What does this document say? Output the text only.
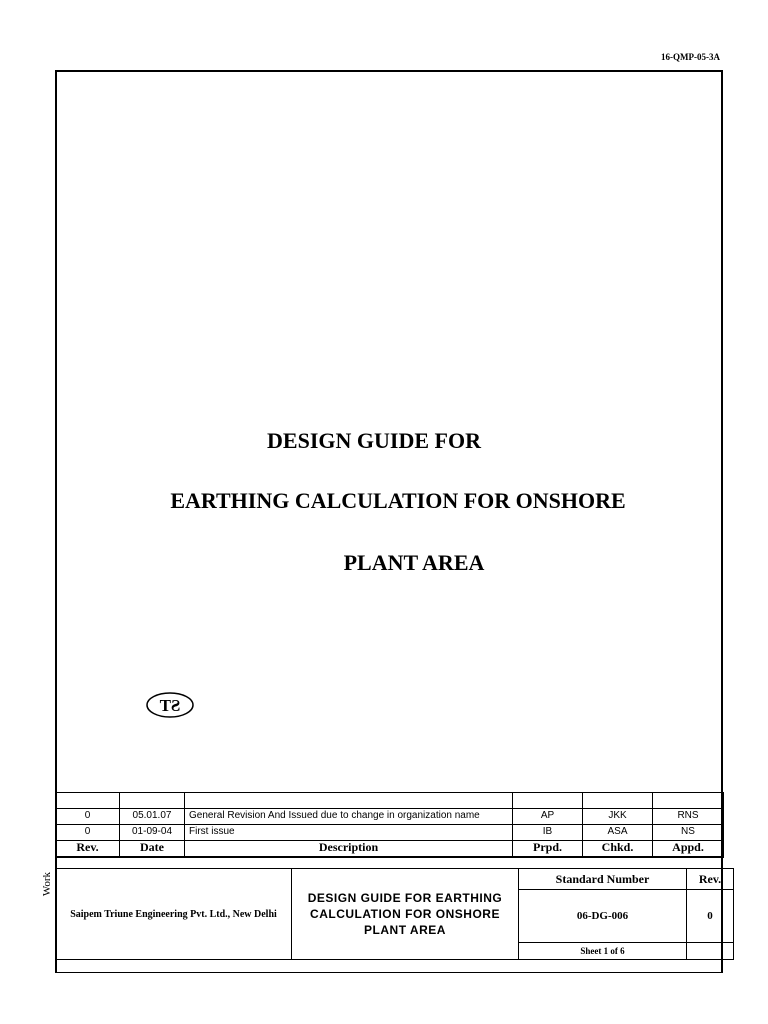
16-QMP-05-3A
DESIGN GUIDE FOR
EARTHING CALCULATION FOR ONSHORE
PLANT AREA
ST
Work

0	05.01.07	General Revision And Issued due to change in organization name	AP	JKK	RNS
0	01-09-04	First issue	IB	ASA	NS
Rev.	Date	Description	Prpd.	Chkd.	Appd.
Saipem Triune Engineering Pvt. Ltd., New Delhi	DESIGN GUIDE FOR EARTHING CALCULATION FOR ONSHORE PLANT AREA	Standard Number	Rev.
		06-DG-006	0
		Sheet 1 of 6	
